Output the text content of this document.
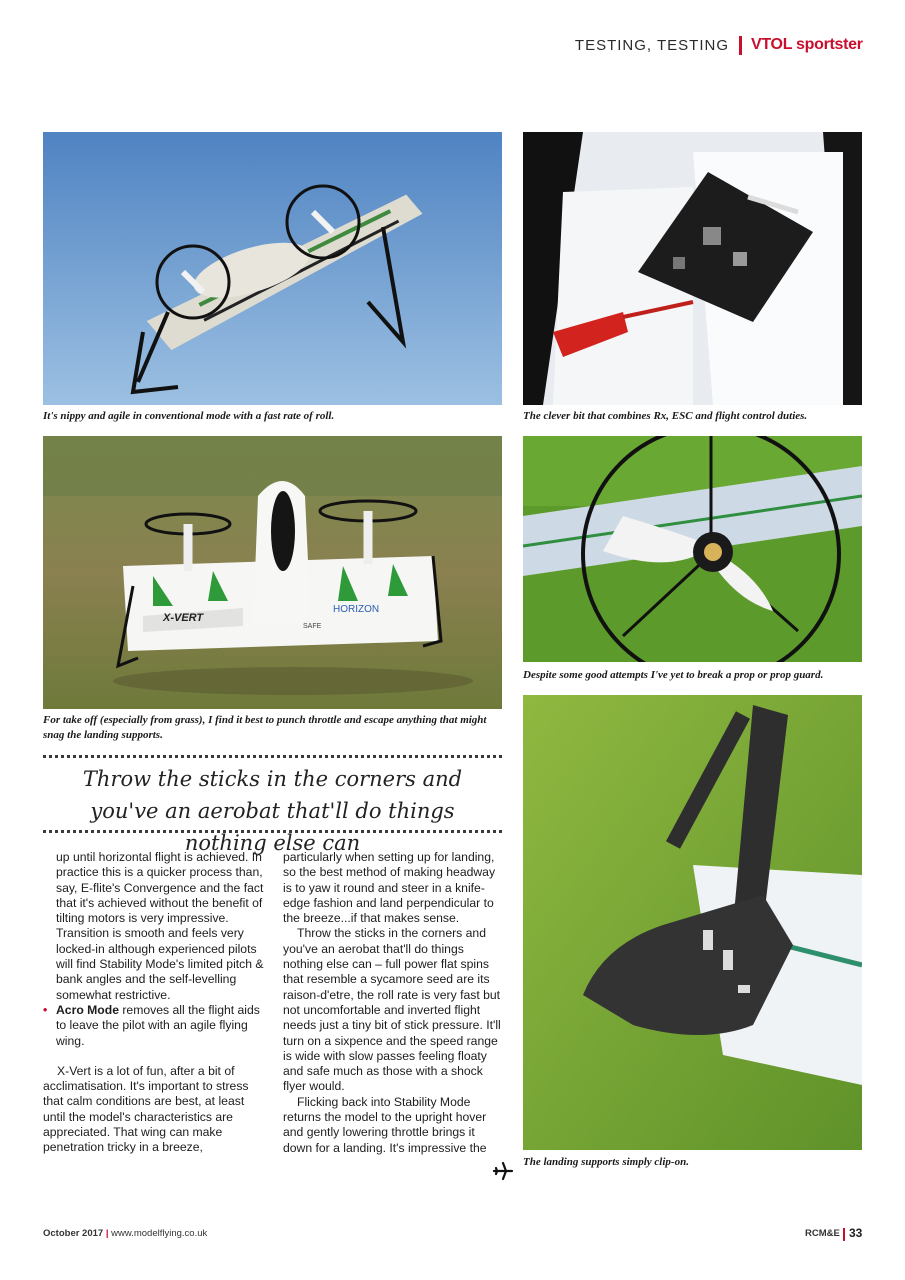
TESTING, TESTING VTOL sportster
It's nippy and agile in conventional mode with a fast rate of roll.	The clever bit that combines Rx, ESC and flight control duties.
X-VERT
HORIZON
SAFE
Despite some good attempts I've yet to break a prop or prop guard.
For take off (especially from grass), I find it best to punch throttle and escape anything that might snag the landing supports.
Throw the sticks in the corners and you've an aerobat that'll do things nothing else can

up until horizontal flight is achieved. In practice this is a quicker process than, say, E-flite's Convergence and the fact that it's achieved without the benefit of tilting motors is very impressive. Transition is smooth and feels very locked-in although experienced pilots will find Stability Mode's limited pitch & bank angles and the self-levelling somewhat restrictive.

• Acro Mode removes all the flight aids to leave the pilot with an agile flying wing.

X-Vert is a lot of fun, after a bit of acclimatisation. It's important to stress that calm conditions are best, at least until the model's characteristics are appreciated. That wing can make penetration tricky in a breeze,

particularly when setting up for landing, so the best method of making headway is to yaw it round and steer in a knife-edge fashion and land perpendicular to the breeze...if that makes sense.

Throw the sticks in the corners and you've an aerobat that'll do things nothing else can – full power flat spins that resemble a sycamore seed are its raison-d'etre, the roll rate is very fast but not uncomfortable and inverted flight needs just a tiny bit of stick pressure. It'll turn on a sixpence and the speed range is wide with slow passes feeling floaty and safe much as those with a shock flyer would.

Flicking back into Stability Mode returns the model to the upright hover and gently lowering throttle brings it down for a landing. It's impressive the

The landing supports simply clip-on.
October 2017 | www.modelflying.co.uk	RCM&E 33
